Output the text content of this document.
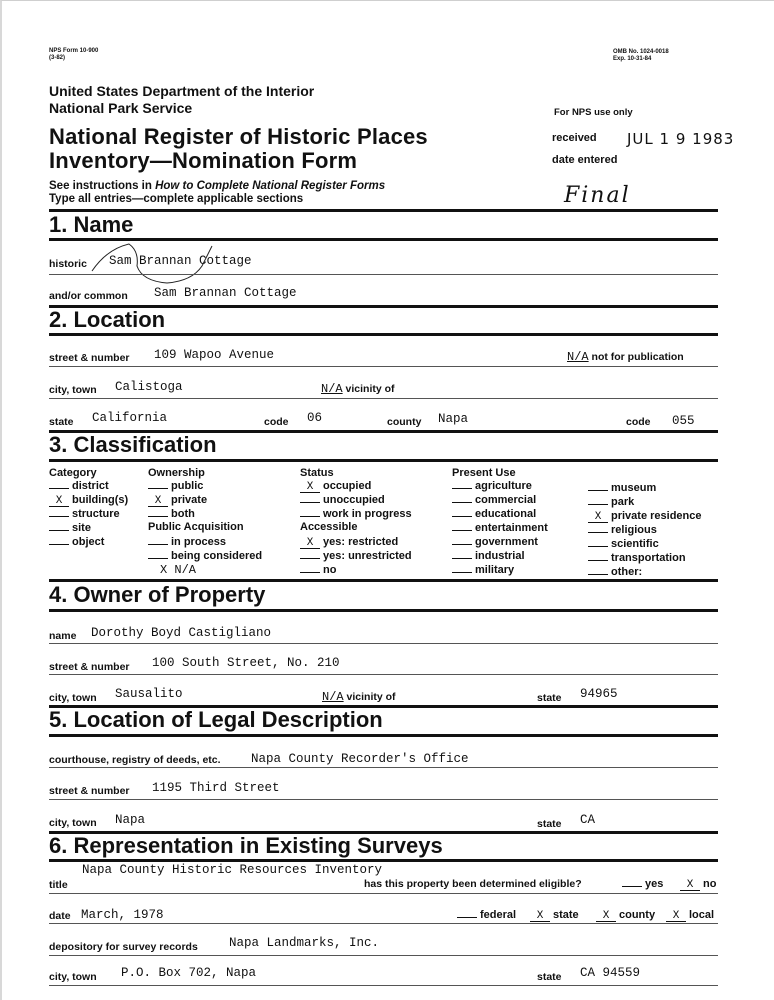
NPS Form 10-900
(3-82)
OMB No. 1024-0018
Exp. 10-31-84
United States Department of the Interior
National Park Service
National Register of Historic Places
Inventory—Nomination Form
See instructions in How to Complete National Register Forms
Type all entries—complete applicable sections
For NPS use only
received JUL 1 9 1983
date entered
Final
1. Name
historic Sam Brannan Cottage
and/or common Sam Brannan Cottage
2. Location
street & number 109 Wapoo Avenue	N/A not for publication
city, town Calistoga	N/A vicinity of
state California	code 06	county Napa	code 055
3. Classification
Category
district
X building(s)
structure
site
object
Ownership
public
X private
both
Public Acquisition
in process
being considered
X N/A
Status
X occupied
unoccupied
work in progress
Accessible
X yes: restricted
yes: unrestricted
no
Present Use
agriculture
commercial
educational
entertainment
government
industrial
military
museum
park
X private residence
religious
scientific
transportation
other:
4. Owner of Property
name Dorothy Boyd Castigliano
street & number 100 South Street, No. 210
city, town Sausalito	N/A vicinity of	state 94965
5. Location of Legal Description
courthouse, registry of deeds, etc. Napa County Recorder's Office
street & number 1195 Third Street
city, town Napa	state CA
6. Representation in Existing Surveys
Napa County Historic Resources Inventory
title	has this property been determined eligible?	yes	X no
date March, 1978	federal	X state	X county	X local
depository for survey records Napa Landmarks, Inc.
city, town P.O. Box 702, Napa	state CA 94559
